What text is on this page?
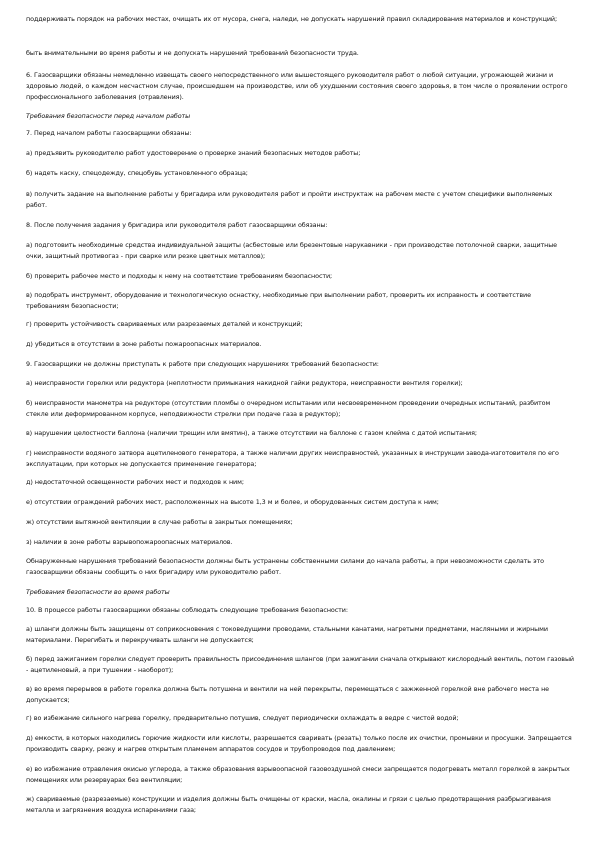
поддерживать порядок на рабочих местах, очищать их от мусора, снега, наледи, не допускать нарушений правил складирования материалов и конструкций;

быть внимательными во время работы и не допускать нарушений требований безопасности труда.

6. Газосварщики обязаны немедленно извещать своего непосредственного или вышестоящего руководителя работ о любой ситуации, угрожающей жизни и здоровью людей, о каждом несчастном случае, происшедшем на производстве, или об ухудшении состояния своего здоровья, в том числе о проявлении острого профессионального заболевания (отравления).

Требования безопасности перед началом работы

7. Перед началом работы газосварщики обязаны:

а) предъявить руководителю работ удостоверение о проверке знаний безопасных методов работы;

б) надеть каску, спецодежду, спецобувь установленного образца;

в) получить задание на выполнение работы у бригадира или руководителя работ и пройти инструктаж на рабочем месте с учетом специфики выполняемых работ.

8. После получения задания у бригадира или руководителя работ газосварщики обязаны:

а) подготовить необходимые средства индивидуальной защиты (асбестовые или брезентовые нарукавники - при производстве потолочной сварки, защитные очки, защитный противогаз - при сварке или резке цветных металлов);

б) проверить рабочее место и подходы к нему на соответствие требованиям безопасности;

в) подобрать инструмент, оборудование и технологическую оснастку, необходимые при выполнении работ, проверить их исправность и соответствие требованиям безопасности;

г) проверить устойчивость свариваемых или разрезаемых деталей и конструкций;

д) убедиться в отсутствии в зоне работы пожароопасных материалов.

9. Газосварщики не должны приступать к работе при следующих нарушениях требований безопасности:

а) неисправности горелки или редуктора (неплотности примыкания накидной гайки редуктора, неисправности вентиля горелки);

б) неисправности манометра на редукторе (отсутствии пломбы о очередном испытании или несвоевременном проведении очередных испытаний, разбитом стекле или деформированном корпусе, неподвижности стрелки при подаче газа в редуктор);

в) нарушении целостности баллона (наличии трещин или вмятин), а также отсутствии на баллоне с газом клейма с датой испытания;

г) неисправности водяного затвора ацетиленового генератора, а также наличии других неисправностей, указанных в инструкции завода-изготовителя по его эксплуатации, при которых не допускается применение генератора;

д) недостаточной освещенности рабочих мест и подходов к ним;

е) отсутствии ограждений рабочих мест, расположенных на высоте 1,3 м и более, и оборудованных систем доступа к ним;

ж) отсутствии вытяжной вентиляции в случае работы в закрытых помещениях;

з) наличии в зоне работы взрывопожароопасных материалов.

Обнаруженные нарушения требований безопасности должны быть устранены собственными силами до начала работы, а при невозможности сделать это газосварщики обязаны сообщить о них бригадиру или руководителю работ.

Требования безопасности во время работы

10. В процессе работы газосварщики обязаны соблюдать следующие требования безопасности:

а) шланги должны быть защищены от соприкосновения с токоведущими проводами, стальными канатами, нагретыми предметами, масляными и жирными материалами. Перегибать и перекручивать шланги не допускается;

б) перед зажиганием горелки следует проверить правильность присоединения шлангов (при зажигании сначала открывают кислородный вентиль, потом газовый - ацетиленовый, а при тушении - наоборот);

в) во время перерывов в работе горелка должна быть потушена и вентили на ней перекрыты, перемещаться с зажженной горелкой вне рабочего места не допускается;

г) во избежание сильного нагрева горелку, предварительно потушив, следует периодически охлаждать в ведре с чистой водой;

д) емкости, в которых находились горючие жидкости или кислоты, разрешается сваривать (резать) только после их очистки, промывки и просушки. Запрещается производить сварку, резку и нагрев открытым пламенем аппаратов сосудов и трубопроводов под давлением;

е) во избежание отравления окисью углерода, а также образования взрывоопасной газовоздушной смеси запрещается подогревать металл горелкой в закрытых помещениях или резервуарах без вентиляции;

ж) свариваемые (разрезаемые) конструкции и изделия должны быть очищены от краски, масла, окалины и грязи с целью предотвращения разбрызгивания металла и загрязнения воздуха испарениями газа;
